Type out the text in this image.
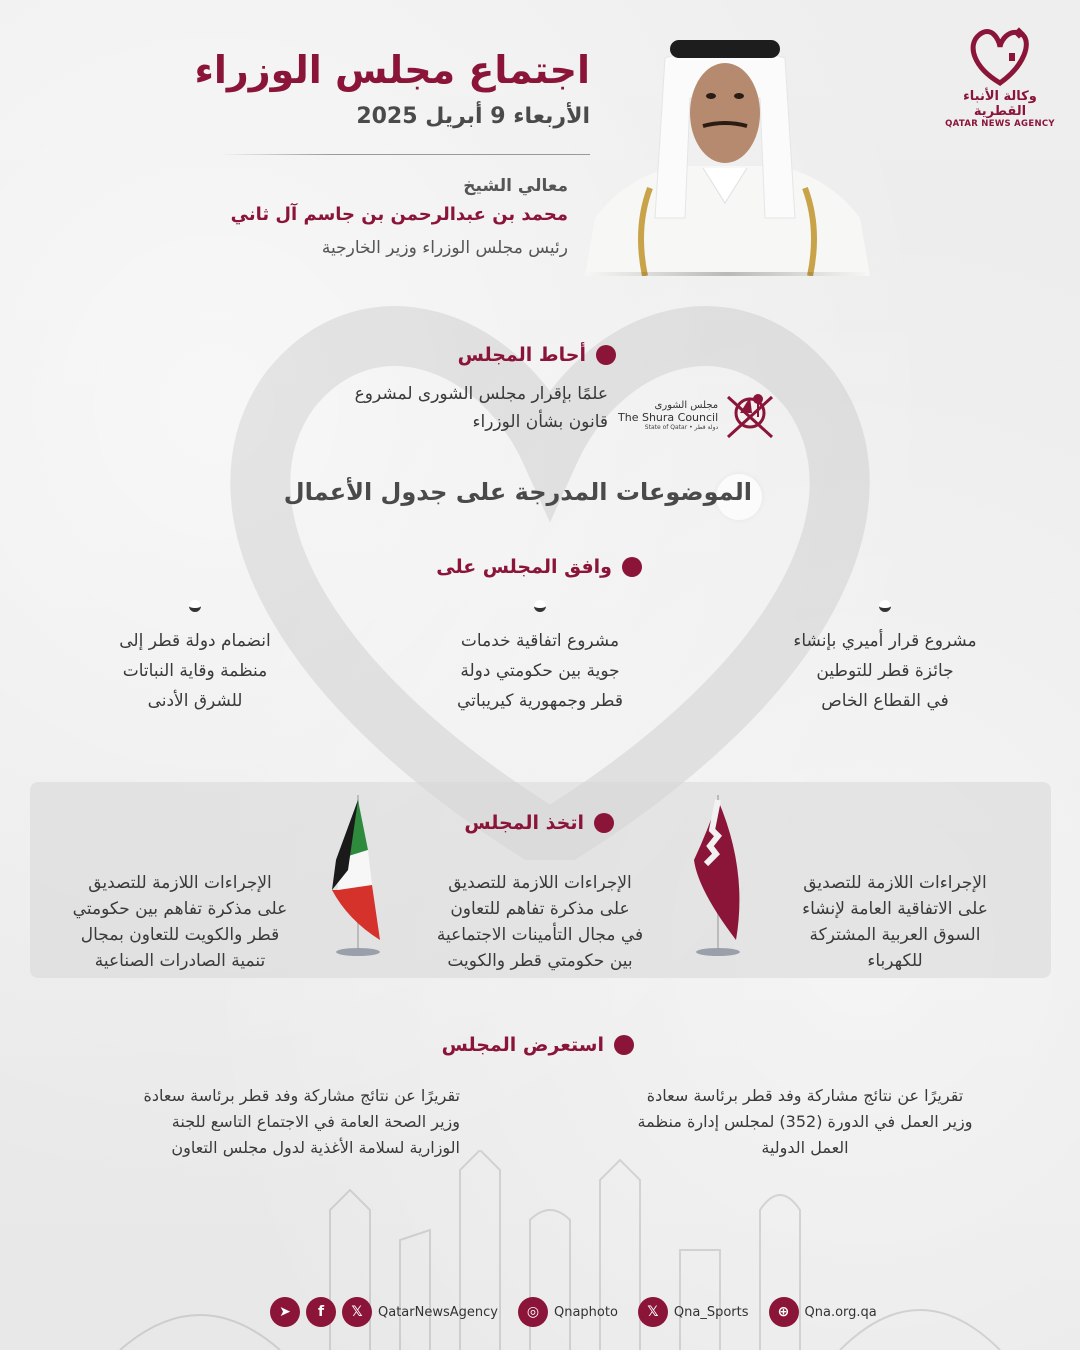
وكالة الأنباء القطرية
QATAR NEWS AGENCY
اجتماع مجلس الوزراء
الأربعاء 9 أبريل 2025
معالي الشيخ
محمد بن عبدالرحمن بن جاسم آل ثاني
رئيس مجلس الوزراء وزير الخارجية
أحاط المجلس
علمًا بإقرار مجلس الشورى لمشروع
قانون بشأن الوزراء
مجلس الشورى
The Shura Council
State of Qatar • دولة قطر
الموضوعات المدرجة على جدول الأعمال
وافق المجلس على
مشروع قرار أميري بإنشاء
جائزة قطر للتوطين
في القطاع الخاص
مشروع اتفاقية خدمات
جوية بين حكومتي دولة
قطر وجمهورية كيريباتي
انضمام دولة قطر إلى
منظمة وقاية النباتات
للشرق الأدنى
اتخذ المجلس
الإجراءات اللازمة للتصديق
على الاتفاقية العامة لإنشاء
السوق العربية المشتركة
للكهرباء
الإجراءات اللازمة للتصديق
على مذكرة تفاهم للتعاون
في مجال التأمينات الاجتماعية
بين حكومتي قطر والكويت
الإجراءات اللازمة للتصديق
على مذكرة تفاهم بين حكومتي
قطر والكويت للتعاون بمجال
تنمية الصادرات الصناعية
استعرض المجلس
تقريرًا عن نتائج مشاركة وفد قطر برئاسة سعادة
وزير العمل في الدورة (352) لمجلس إدارة منظمة
العمل الدولية
تقريرًا عن نتائج مشاركة وفد قطر برئاسة سعادة
وزير الصحة العامة في الاجتماع التاسع للجنة
الوزارية لسلامة الأغذية لدول مجلس التعاون
➤	f	𝕏	QatarNewsAgency	◎	Qnaphoto	𝕏	Qna_Sports	⊕	Qna.org.qa
